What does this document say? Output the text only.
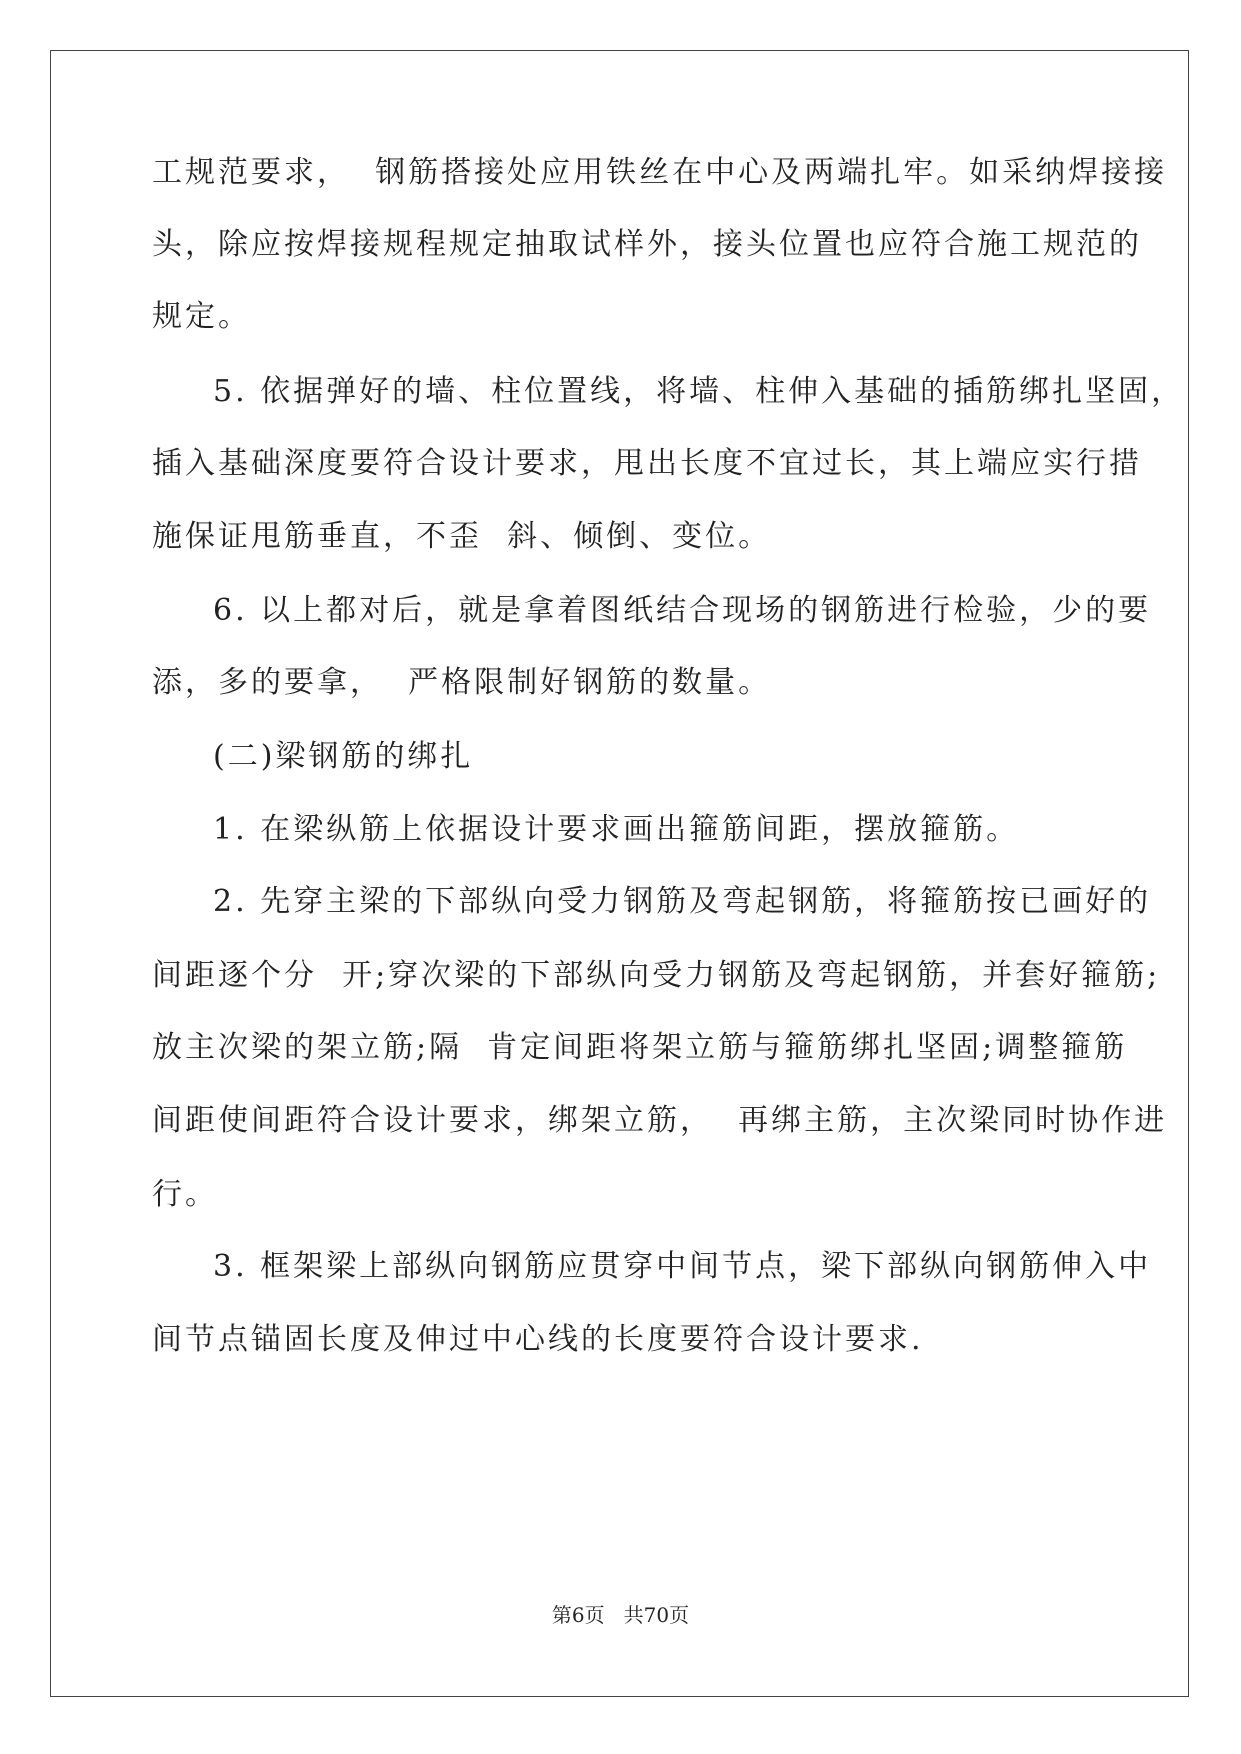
工规范要求，  钢筋搭接处应用铁丝在中心及两端扎牢。如采纳焊接接
头，除应按焊接规程规定抽取试样外，接头位置也应符合施工规范的
规定。
5. 依据弹好的墙、柱位置线，将墙、柱伸入基础的插筋绑扎坚固，
插入基础深度要符合设计要求，甩出长度不宜过长，其上端应实行措
施保证甩筋垂直，不歪  斜、倾倒、变位。
6. 以上都对后，就是拿着图纸结合现场的钢筋进行检验，少的要
添，多的要拿，  严格限制好钢筋的数量。
(二)梁钢筋的绑扎
1. 在梁纵筋上依据设计要求画出箍筋间距，摆放箍筋。
2. 先穿主梁的下部纵向受力钢筋及弯起钢筋，将箍筋按已画好的
间距逐个分  开;穿次梁的下部纵向受力钢筋及弯起钢筋，并套好箍筋;
放主次梁的架立筋;隔  肯定间距将架立筋与箍筋绑扎坚固;调整箍筋
间距使间距符合设计要求，绑架立筋，  再绑主筋，主次梁同时协作进
行。
3. 框架梁上部纵向钢筋应贯穿中间节点，梁下部纵向钢筋伸入中
间节点锚固长度及伸过中心线的长度要符合设计要求.
第6页   共70页
